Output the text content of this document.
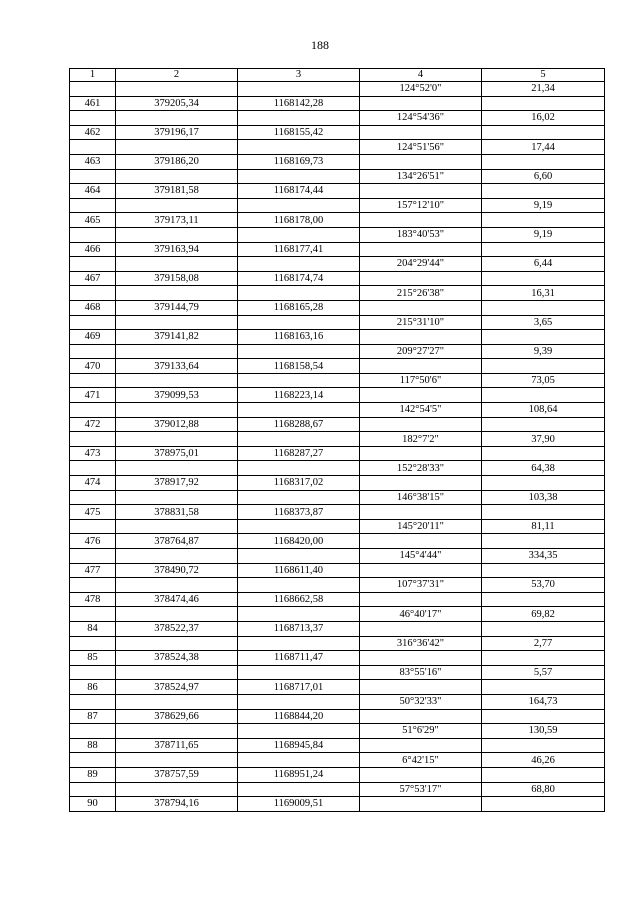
188
1	2	3	4	5
			124°52'0"	21,34
461	379205,34	1168142,28		
			124°54'36"	16,02
462	379196,17	1168155,42		
			124°51'56"	17,44
463	379186,20	1168169,73		
			134°26'51"	6,60
464	379181,58	1168174,44		
			157°12'10"	9,19
465	379173,11	1168178,00		
			183°40'53"	9,19
466	379163,94	1168177,41		
			204°29'44"	6,44
467	379158,08	1168174,74		
			215°26'38"	16,31
468	379144,79	1168165,28		
			215°31'10"	3,65
469	379141,82	1168163,16		
			209°27'27"	9,39
470	379133,64	1168158,54		
			117°50'6"	73,05
471	379099,53	1168223,14		
			142°54'5"	108,64
472	379012,88	1168288,67		
			182°7'2"	37,90
473	378975,01	1168287,27		
			152°28'33"	64,38
474	378917,92	1168317,02		
			146°38'15"	103,38
475	378831,58	1168373,87		
			145°20'11"	81,11
476	378764,87	1168420,00		
			145°4'44"	334,35
477	378490,72	1168611,40		
			107°37'31"	53,70
478	378474,46	1168662,58		
			46°40'17"	69,82
84	378522,37	1168713,37		
			316°36'42"	2,77
85	378524,38	1168711,47		
			83°55'16"	5,57
86	378524,97	1168717,01		
			50°32'33"	164,73
87	378629,66	1168844,20		
			51°6'29"	130,59
88	378711,65	1168945,84		
			6°42'15"	46,26
89	378757,59	1168951,24		
			57°53'17"	68,80
90	378794,16	1169009,51		
